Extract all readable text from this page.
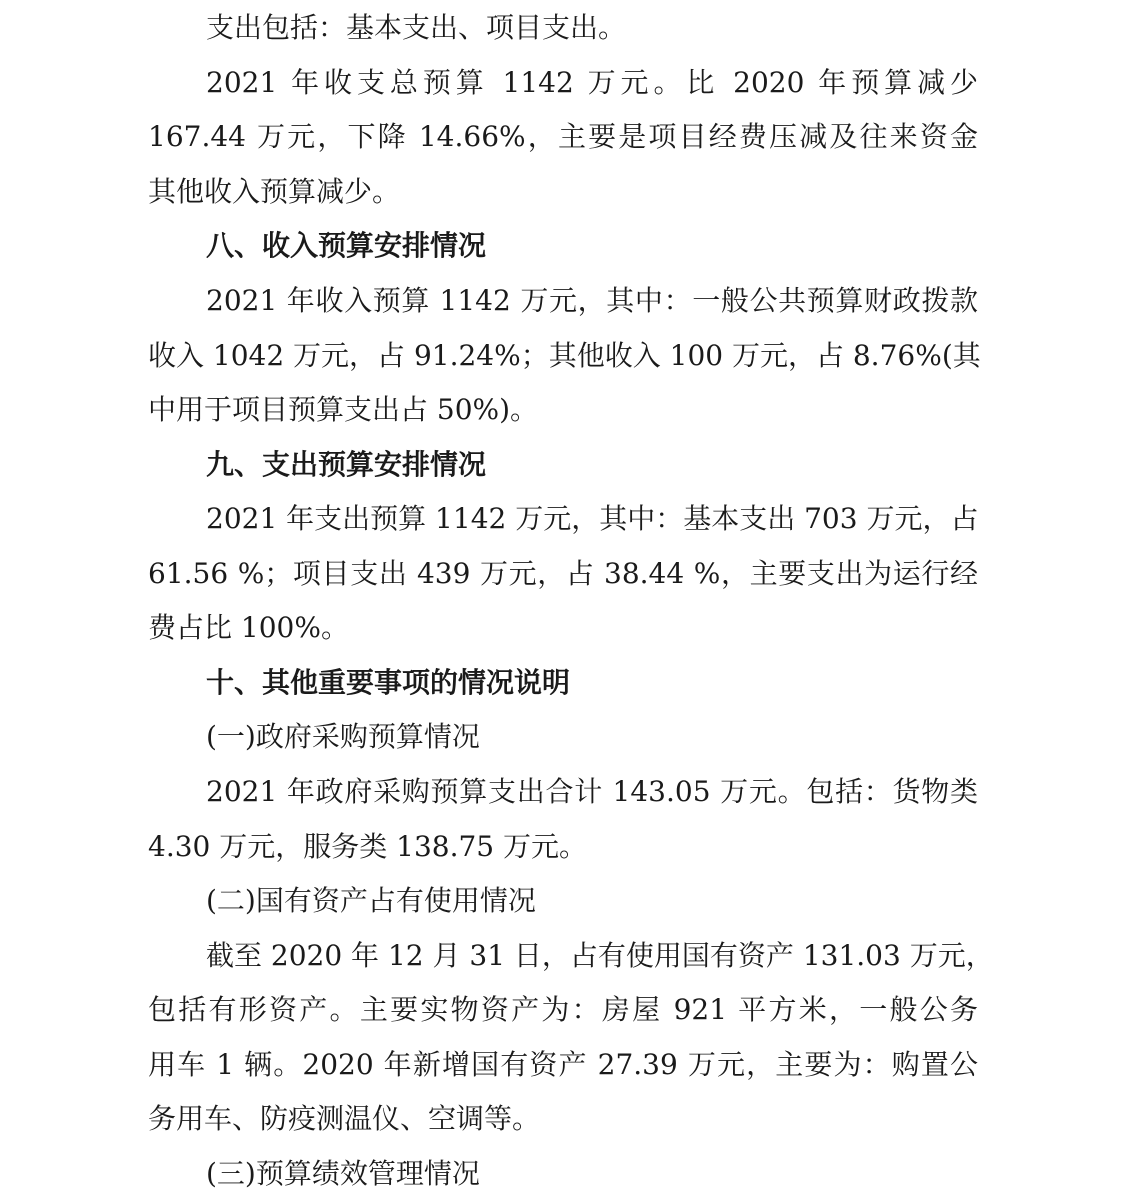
支出包括：基本支出、项目支出。
2021 年收支总预算 1142 万元。比 2020 年预算减少
167.44 万元，下降 14.66%，主要是项目经费压减及往来资金
其他收入预算减少。
八、收入预算安排情况
2021 年收入预算 1142 万元，其中：一般公共预算财政拨款
收入 1042 万元，占 91.24%；其他收入 100 万元，占 8.76%(其
中用于项目预算支出占 50%)。
九、支出预算安排情况
2021 年支出预算 1142 万元，其中：基本支出 703 万元，占
61.56 %；项目支出 439 万元，占 38.44 %，主要支出为运行经
费占比 100%。
十、其他重要事项的情况说明
(一)政府采购预算情况
2021 年政府采购预算支出合计 143.05 万元。包括：货物类
4.30 万元，服务类 138.75 万元。
(二)国有资产占有使用情况
截至 2020 年 12 月 31 日，占有使用国有资产 131.03 万元，
包括有形资产。主要实物资产为：房屋 921 平方米，一般公务
用车 1 辆。2020 年新增国有资产 27.39 万元，主要为：购置公
务用车、防疫测温仪、空调等。
(三)预算绩效管理情况
